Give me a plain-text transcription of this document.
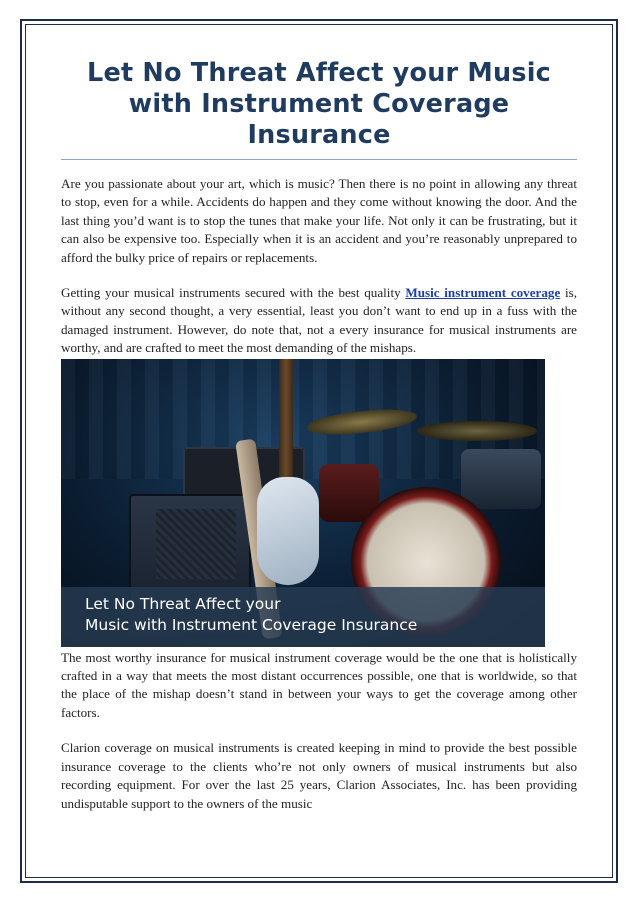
Let No Threat Affect your Music with Instrument Coverage Insurance

Are you passionate about your art, which is music? Then there is no point in allowing any threat to stop, even for a while. Accidents do happen and they come without knowing the door. And the last thing you’d want is to stop the tunes that make your life. Not only it can be frustrating, but it can also be expensive too. Especially when it is an accident and you’re reasonably unprepared to afford the bulky price of repairs or replacements.

Getting your musical instruments secured with the best quality Music instrument coverage is, without any second thought, a very essential, least you don’t want to end up in a fuss with the damaged instrument. However, do note that, not a every insurance for musical instruments are worthy, and are crafted to meet the most demanding of the mishaps.

Let No Threat Affect your
Music with Instrument Coverage Insurance

The most worthy insurance for musical instrument coverage would be the one that is holistically crafted in a way that meets the most distant occurrences possible, one that is worldwide, so that the place of the mishap doesn’t stand in between your ways to get the coverage among other factors.

Clarion coverage on musical instruments is created keeping in mind to provide the best possible insurance coverage to the clients who’re not only owners of musical instruments but also recording equipment. For over the last 25 years, Clarion Associates, Inc. has been providing undisputable support to the owners of the music
